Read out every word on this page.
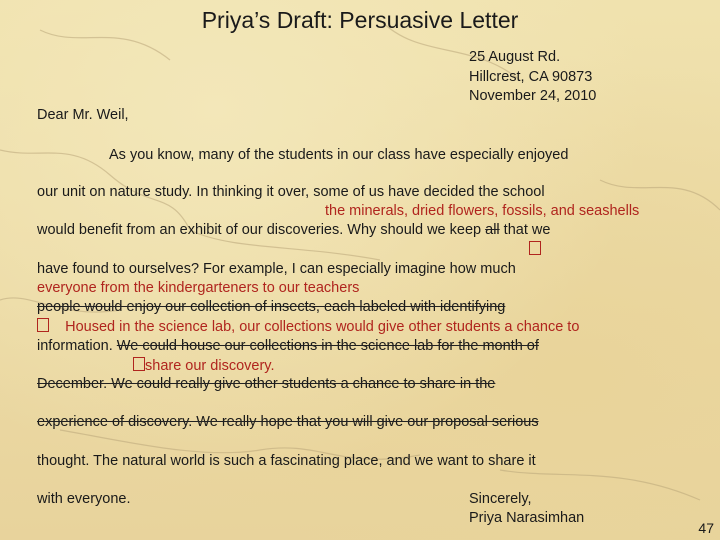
Priya’s Draft: Persuasive Letter
25 August Rd.
Hillcrest, CA 90873
November 24, 2010
Dear Mr. Weil,
As you know, many of the students in our class have especially enjoyed
our unit on nature study. In thinking it over, some of us have decided the school
the minerals, dried flowers, fossils, and seashells
would benefit from an exhibit of our discoveries. Why should we keep all that we
have found to ourselves? For example, I can especially imagine how much
everyone from the kindergarteners to our teachers
people would enjoy our collection of insects, each labeled with identifying
Housed in the science lab, our collections would give other students a chance to
information. We could house our collections in the science lab for the month of
share our discovery.
December. We could really give other students a chance to share in the
experience of discovery. We really hope that you will give our proposal serious
thought. The natural world is such a fascinating place, and we want to share it
with everyone.	Sincerely,
Priya Narasimhan
47
